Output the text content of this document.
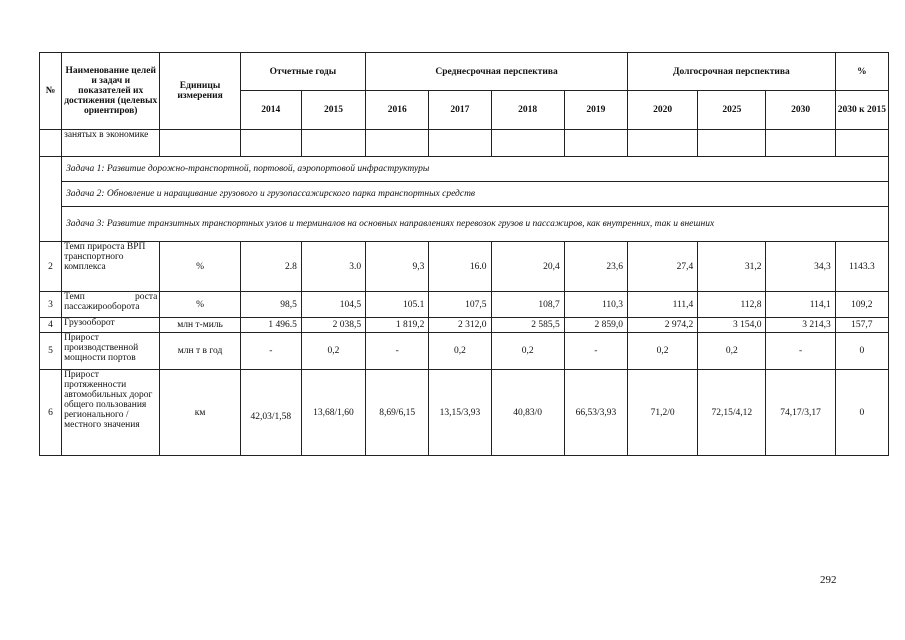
№	Наименование целей и задач и показателей их достижения (целевых ориентиров)	Единицы измерения	Отчетные годы		Среднесрочная перспектива				Долгосрочная перспектива			%
			2014	2015	2016	2017	2018	2019	2020	2025	2030	2030 к 2015
	занятых в экономике											
	Задача 1: Развитие дорожно-транспортной, портовой, аэропортовой инфраструктуры											
	Задача 2: Обновление и наращивание грузового и грузопассажирского парка транспортных средств											
	Задача 3: Развитие транзитных транспортных узлов и терминалов на основных направлениях перевозок грузов и пассажиров, как внутренних, так и внешних											
2	Темп прироста ВРП транспортного комплекса	%	2.8	3.0	9,3	16.0	20,4	23,6	27,4	31,2	34,3	1143.3
3	Темп роста пассажирооборота	%	98,5	104,5	105.1	107,5	108,7	110,3	111,4	112,8	114,1	109,2
4	Грузооборот	млн т-миль	1 496.5	2 038,5	1 819,2	2 312,0	2 585,5	2 859,0	2 974,2	3 154,0	3 214,3	157,7
5	Прирост производственной мощности портов	млн т в год	-	0,2	-	0,2	0,2	-	0,2	0,2	-	0
6	Прирост протяженности автомобильных дорог общего пользования регионального / местного значения	км	42,03/1,58	13,68/1,60	8,69/6,15	13,15/3,93	40,83/0	66,53/3,93	71,2/0	72,15/4,12	74,17/3,17	0
292
